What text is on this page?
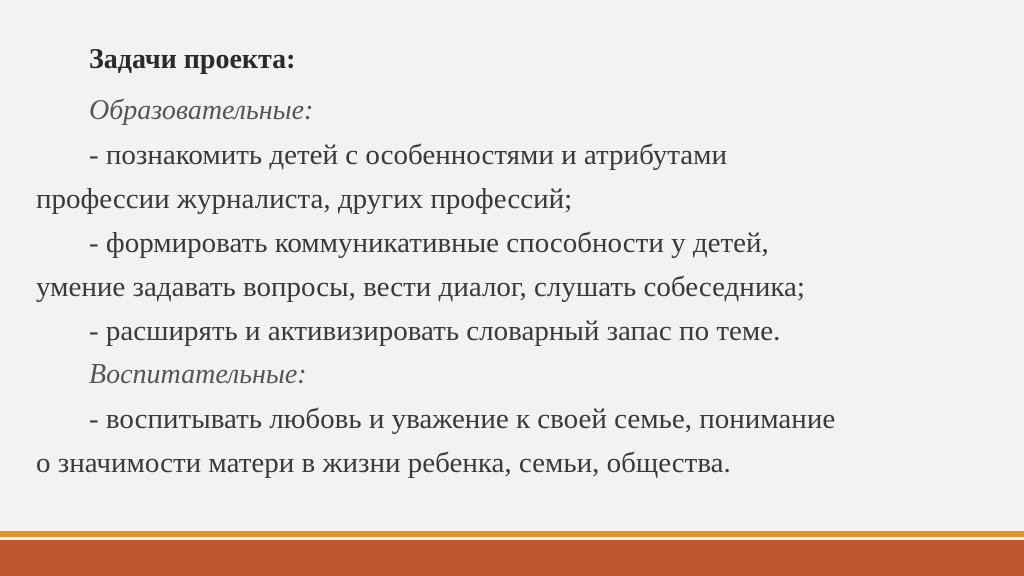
Задачи проекта:
Образовательные:
- познакомить детей с особенностями и атрибутами
профессии журналиста, других профессий;
- формировать коммуникативные способности у детей,
умение задавать вопросы, вести диалог, слушать собеседника;
- расширять и активизировать словарный запас по теме.
Воспитательные:
- воспитывать любовь и уважение к своей семье, понимание
о значимости матери в жизни ребенка, семьи, общества.
